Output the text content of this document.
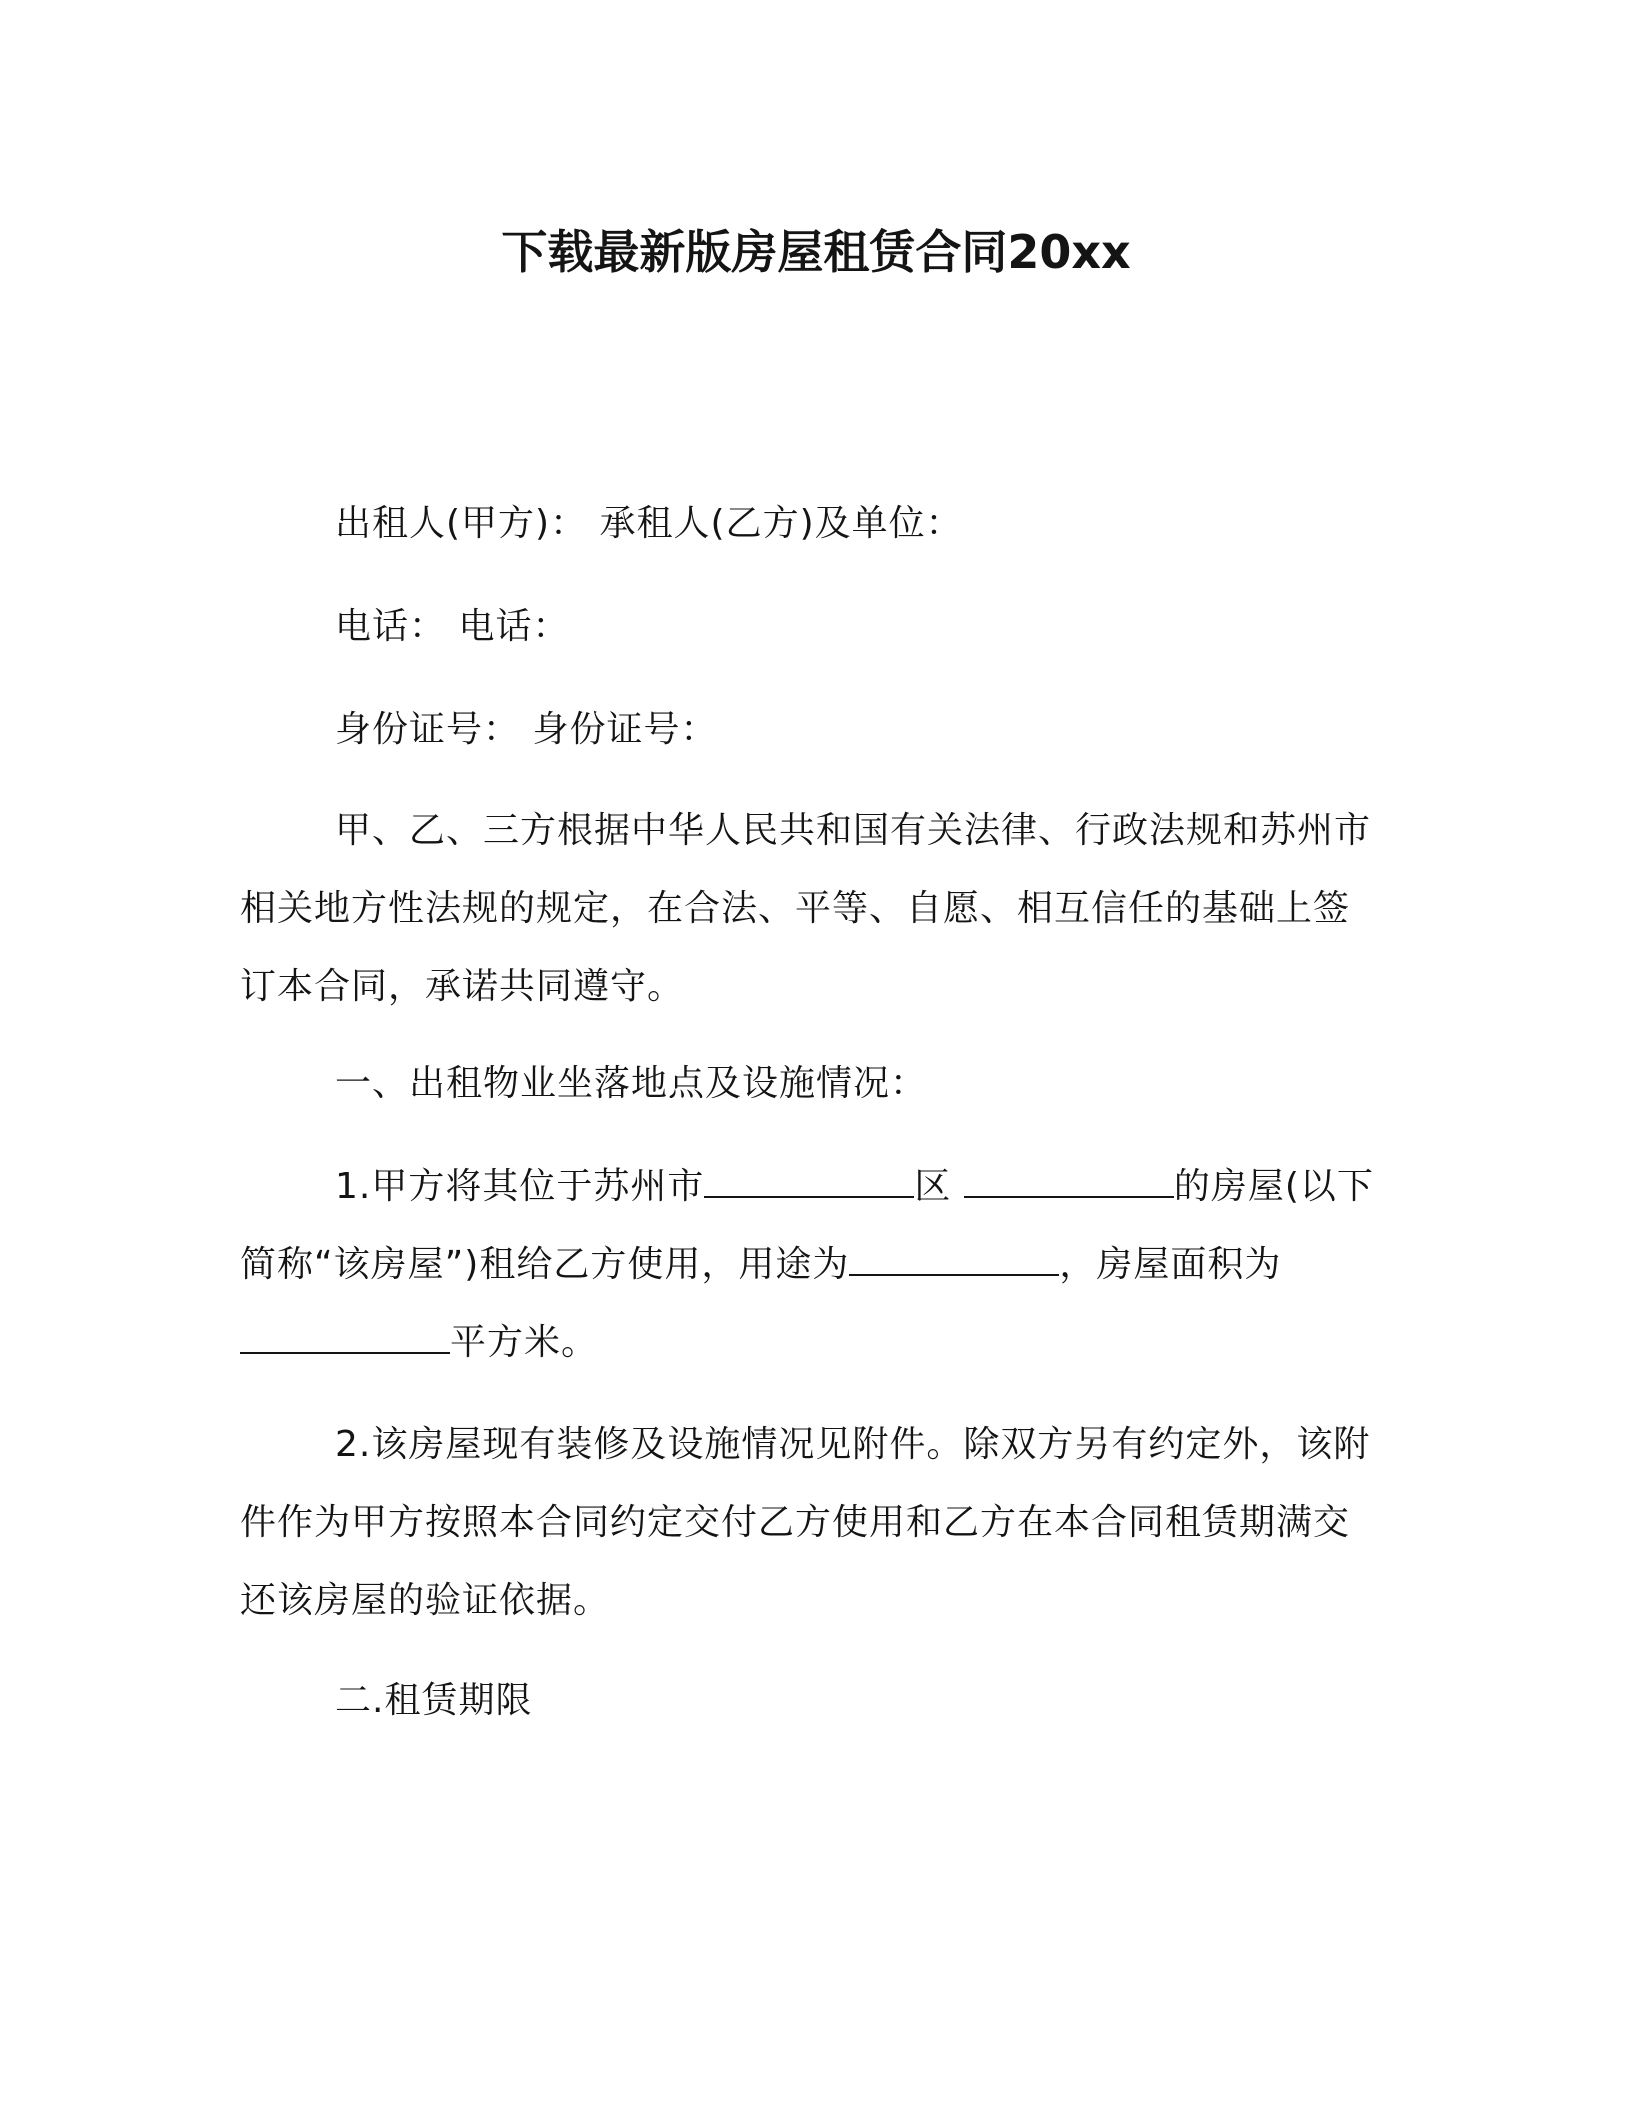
下载最新版房屋租赁合同20xx
出租人(甲方)： 承租人(乙方)及单位：
电话： 电话：
身份证号： 身份证号：
甲、乙、三方根据中华人民共和国有关法律、行政法规和苏州市
相关地方性法规的规定，在合法、平等、自愿、相互信任的基础上签
订本合同，承诺共同遵守。
一、出租物业坐落地点及设施情况：
1.甲方将其位于苏州市	区	的房屋(以下
简称“该房屋”)租给乙方使用，用途为	，房屋面积为
平方米。
2.该房屋现有装修及设施情况见附件。除双方另有约定外，该附
件作为甲方按照本合同约定交付乙方使用和乙方在本合同租赁期满交
还该房屋的验证依据。
二.租赁期限
